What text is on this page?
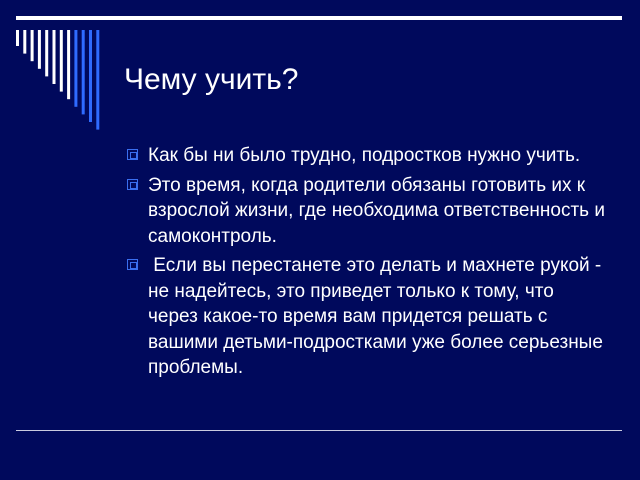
Чему учить?
Как бы ни было трудно, подростков нужно учить.
Это время, когда родители обязаны готовить их к взрослой жизни, где необходима ответственность и самоконтроль.
Если вы перестанете это делать и махнете рукой - не надейтесь, это приведет только к тому, что через какое-то время вам придется решать с вашими детьми-подростками уже более серьезные проблемы.
